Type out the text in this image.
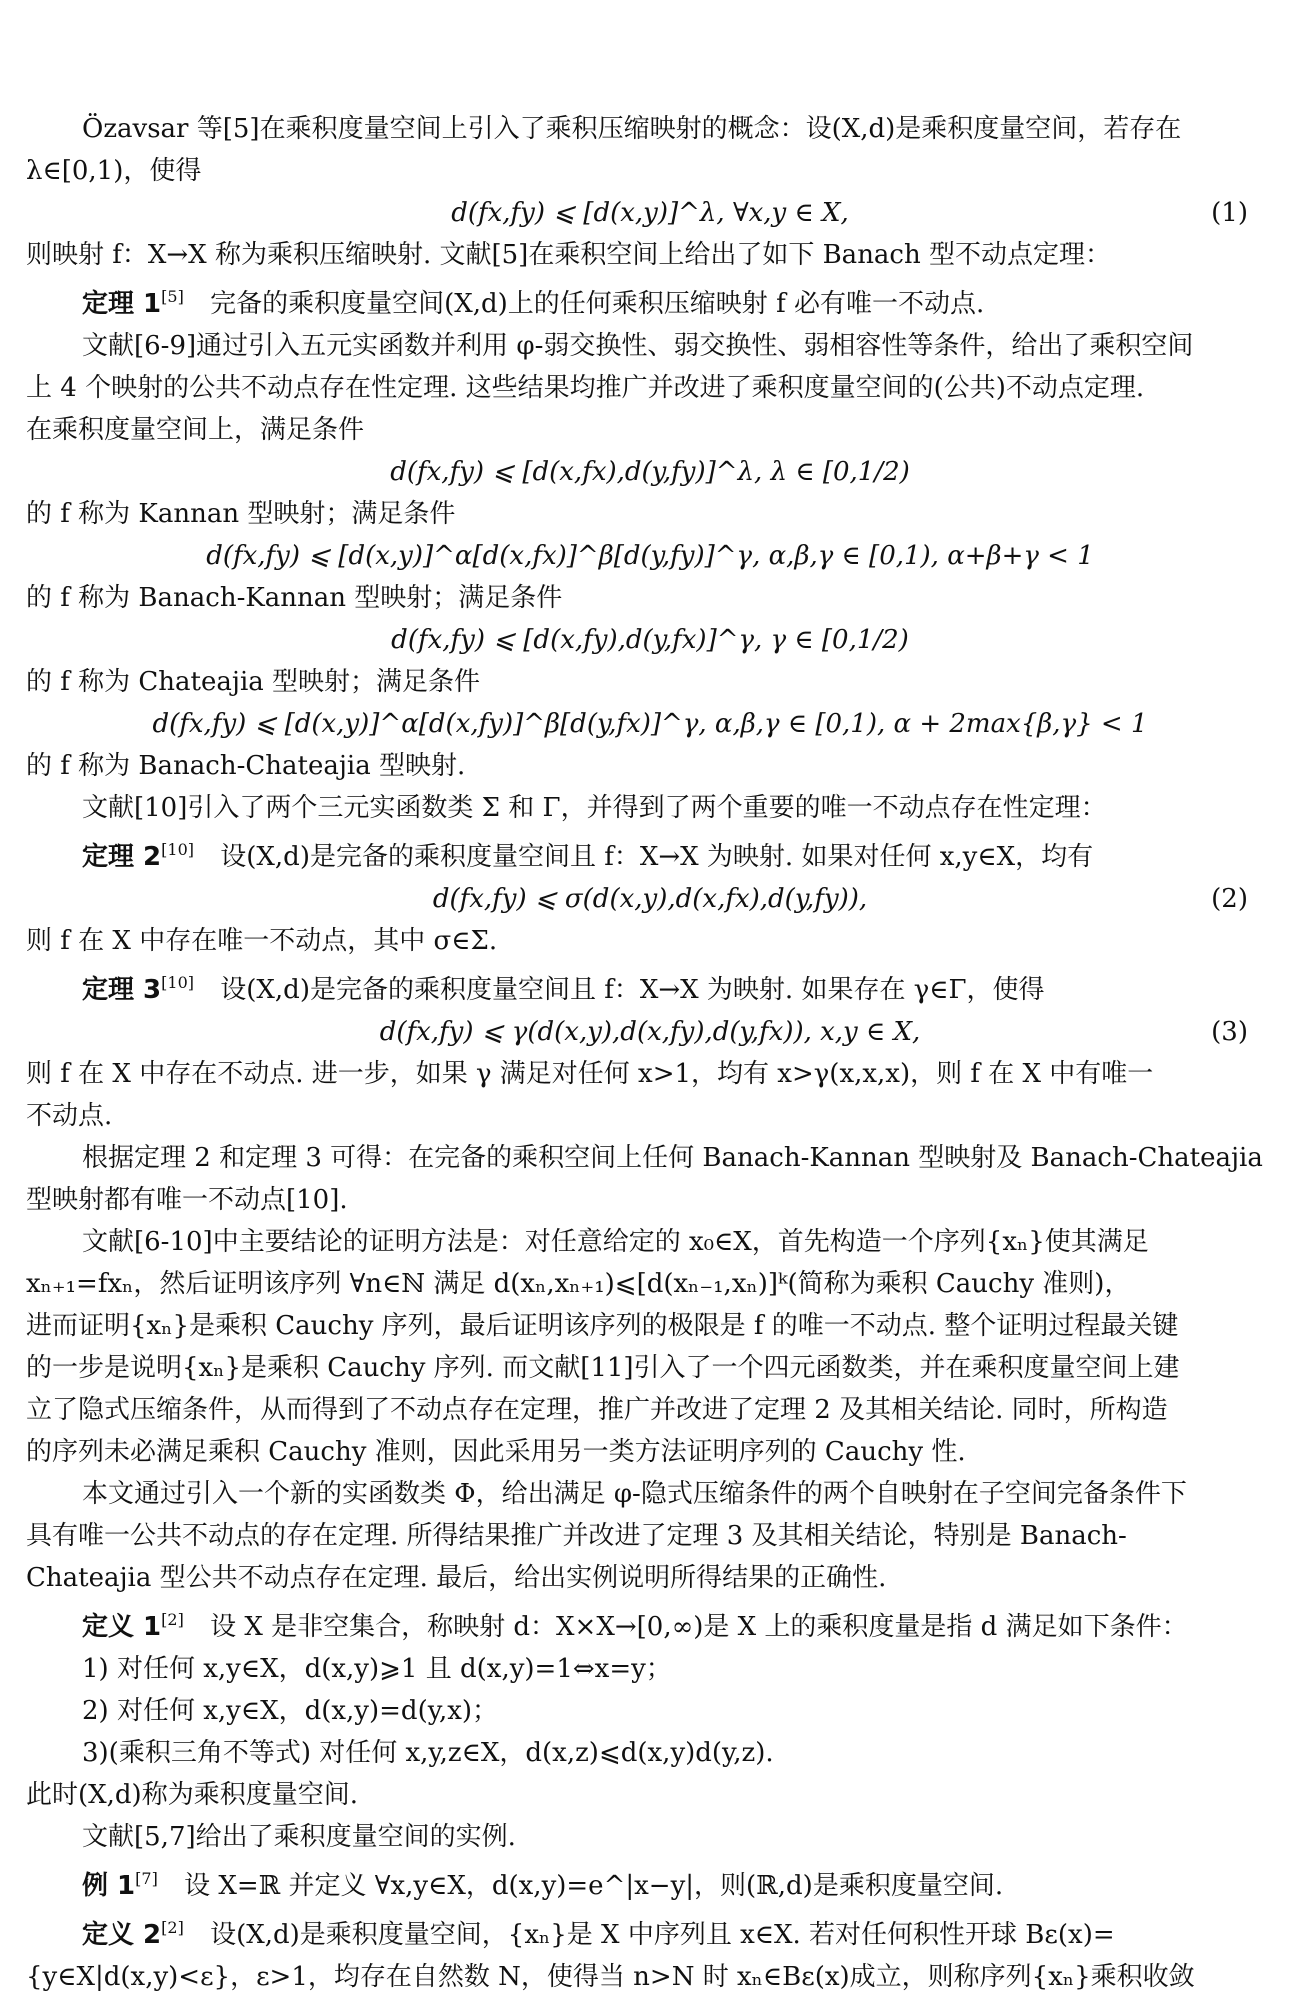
Özavsar 等[5]在乘积度量空间上引入了乘积压缩映射的概念：设(X,d)是乘积度量空间，若存在
λ∈[0,1)，使得
d(fx,fy) ⩽ [d(x,y)]^λ, ∀x,y ∈ X,	(1)
则映射 f：X→X 称为乘积压缩映射. 文献[5]在乘积空间上给出了如下 Banach 型不动点定理：
定理 1[5] 完备的乘积度量空间(X,d)上的任何乘积压缩映射 f 必有唯一不动点.
文献[6-9]通过引入五元实函数并利用 φ-弱交换性、弱交换性、弱相容性等条件，给出了乘积空间
上 4 个映射的公共不动点存在性定理. 这些结果均推广并改进了乘积度量空间的(公共)不动点定理.
在乘积度量空间上，满足条件
d(fx,fy) ⩽ [d(x,fx),d(y,fy)]^λ, λ ∈ [0,1/2)
的 f 称为 Kannan 型映射；满足条件
d(fx,fy) ⩽ [d(x,y)]^α[d(x,fx)]^β[d(y,fy)]^γ, α,β,γ ∈ [0,1), α+β+γ < 1
的 f 称为 Banach-Kannan 型映射；满足条件
d(fx,fy) ⩽ [d(x,fy),d(y,fx)]^γ, γ ∈ [0,1/2)
的 f 称为 Chateajia 型映射；满足条件
d(fx,fy) ⩽ [d(x,y)]^α[d(x,fy)]^β[d(y,fx)]^γ, α,β,γ ∈ [0,1), α + 2max{β,γ} < 1
的 f 称为 Banach-Chateajia 型映射.
文献[10]引入了两个三元实函数类 Σ 和 Γ，并得到了两个重要的唯一不动点存在性定理：
定理 2[10] 设(X,d)是完备的乘积度量空间且 f：X→X 为映射. 如果对任何 x,y∈X，均有
d(fx,fy) ⩽ σ(d(x,y),d(x,fx),d(y,fy)),	(2)
则 f 在 X 中存在唯一不动点，其中 σ∈Σ.
定理 3[10] 设(X,d)是完备的乘积度量空间且 f：X→X 为映射. 如果存在 γ∈Γ，使得
d(fx,fy) ⩽ γ(d(x,y),d(x,fy),d(y,fx)), x,y ∈ X,	(3)
则 f 在 X 中存在不动点. 进一步，如果 γ 满足对任何 x>1，均有 x>γ(x,x,x)，则 f 在 X 中有唯一
不动点.
根据定理 2 和定理 3 可得：在完备的乘积空间上任何 Banach-Kannan 型映射及 Banach-Chateajia
型映射都有唯一不动点[10].
文献[6-10]中主要结论的证明方法是：对任意给定的 x₀∈X，首先构造一个序列{xₙ}使其满足
xₙ₊₁=fxₙ，然后证明该序列 ∀n∈ℕ 满足 d(xₙ,xₙ₊₁)⩽[d(xₙ₋₁,xₙ)]ᵏ(简称为乘积 Cauchy 准则)，
进而证明{xₙ}是乘积 Cauchy 序列，最后证明该序列的极限是 f 的唯一不动点. 整个证明过程最关键
的一步是说明{xₙ}是乘积 Cauchy 序列. 而文献[11]引入了一个四元函数类，并在乘积度量空间上建
立了隐式压缩条件，从而得到了不动点存在定理，推广并改进了定理 2 及其相关结论. 同时，所构造
的序列未必满足乘积 Cauchy 准则，因此采用另一类方法证明序列的 Cauchy 性.
本文通过引入一个新的实函数类 Φ，给出满足 φ-隐式压缩条件的两个自映射在子空间完备条件下
具有唯一公共不动点的存在定理. 所得结果推广并改进了定理 3 及其相关结论，特别是 Banach-
Chateajia 型公共不动点存在定理. 最后，给出实例说明所得结果的正确性.
定义 1[2] 设 X 是非空集合，称映射 d：X×X→[0,∞)是 X 上的乘积度量是指 d 满足如下条件：
1) 对任何 x,y∈X，d(x,y)⩾1 且 d(x,y)=1⇔x=y；
2) 对任何 x,y∈X，d(x,y)=d(y,x)；
3)(乘积三角不等式) 对任何 x,y,z∈X，d(x,z)⩽d(x,y)d(y,z).
此时(X,d)称为乘积度量空间.
文献[5,7]给出了乘积度量空间的实例.
例 1[7] 设 X=ℝ 并定义 ∀x,y∈X，d(x,y)=e^|x−y|，则(ℝ,d)是乘积度量空间.
定义 2[2] 设(X,d)是乘积度量空间，{xₙ}是 X 中序列且 x∈X. 若对任何积性开球 Bε(x)=
{y∈X|d(x,y)<ε}，ε>1，均存在自然数 N，使得当 n>N 时 xₙ∈Bε(x)成立，则称序列{xₙ}乘积收敛
